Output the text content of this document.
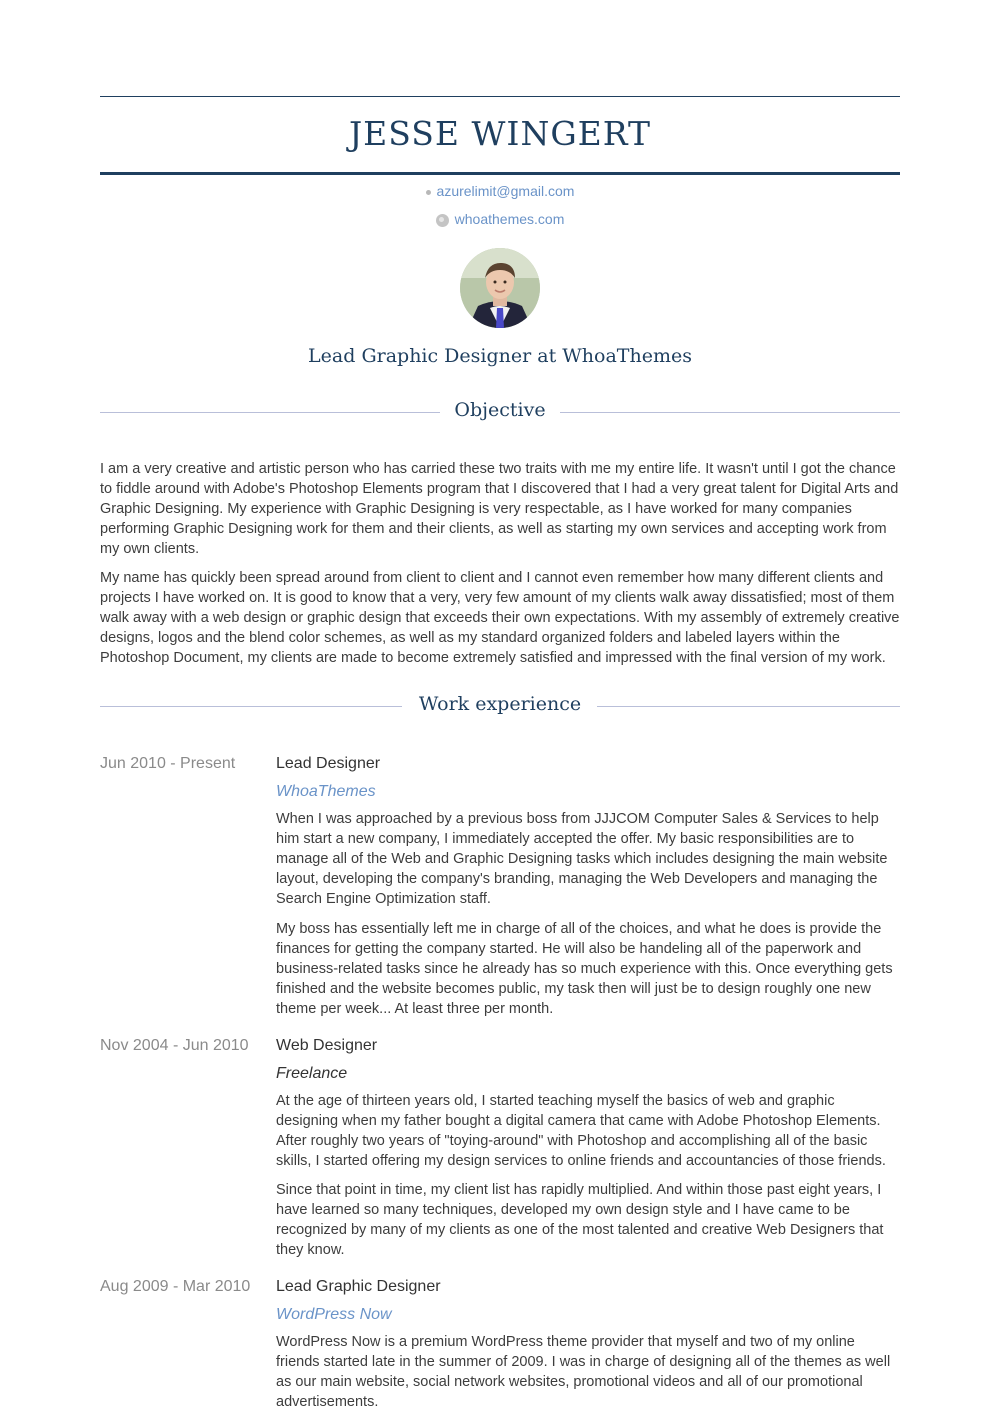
JESSE WINGERT
azurelimit@gmail.com
whoathemes.com
Lead Graphic Designer at WhoaThemes
Objective

I am a very creative and artistic person who has carried these two traits with me my entire life. It wasn't until I got the chance to fiddle around with Adobe's Photoshop Elements program that I discovered that I had a very great talent for Digital Arts and Graphic Designing. My experience with Graphic Designing is very respectable, as I have worked for many companies performing Graphic Designing work for them and their clients, as well as starting my own services and accepting work from my own clients.

My name has quickly been spread around from client to client and I cannot even remember how many different clients and projects I have worked on. It is good to know that a very, very few amount of my clients walk away dissatisfied; most of them walk away with a web design or graphic design that exceeds their own expectations. With my assembly of extremely creative designs, logos and the blend color schemes, as well as my standard organized folders and labeled layers within the Photoshop Document, my clients are made to become extremely satisfied and impressed with the final version of my work.

Work experience
Jun 2010 - Present	Lead Designer
WhoaThemes

When I was approached by a previous boss from JJJCOM Computer Sales & Services to help him start a new company, I immediately accepted the offer. My basic responsibilities are to manage all of the Web and Graphic Designing tasks which includes designing the main website layout, developing the company's branding, managing the Web Developers and managing the Search Engine Optimization staff.

My boss has essentially left me in charge of all of the choices, and what he does is provide the finances for getting the company started. He will also be handeling all of the paperwork and business-related tasks since he already has so much experience with this. Once everything gets finished and the website becomes public, my task then will just be to design roughly one new theme per week... At least three per month.

Nov 2004 - Jun 2010 Web Designer
Freelance

At the age of thirteen years old, I started teaching myself the basics of web and graphic designing when my father bought a digital camera that came with Adobe Photoshop Elements. After roughly two years of "toying-around" with Photoshop and accomplishing all of the basic skills, I started offering my design services to online friends and accountancies of those friends.

Since that point in time, my client list has rapidly multiplied. And within those past eight years, I have learned so many techniques, developed my own design style and I have came to be recognized by many of my clients as one of the most talented and creative Web Designers that they know.

Aug 2009 - Mar 2010 Lead Graphic Designer
WordPress Now

WordPress Now is a premium WordPress theme provider that myself and two of my online friends started late in the summer of 2009. I was in charge of designing all of the themes as well as our main website, social network websites, promotional videos and all of our promotional advertisements.
